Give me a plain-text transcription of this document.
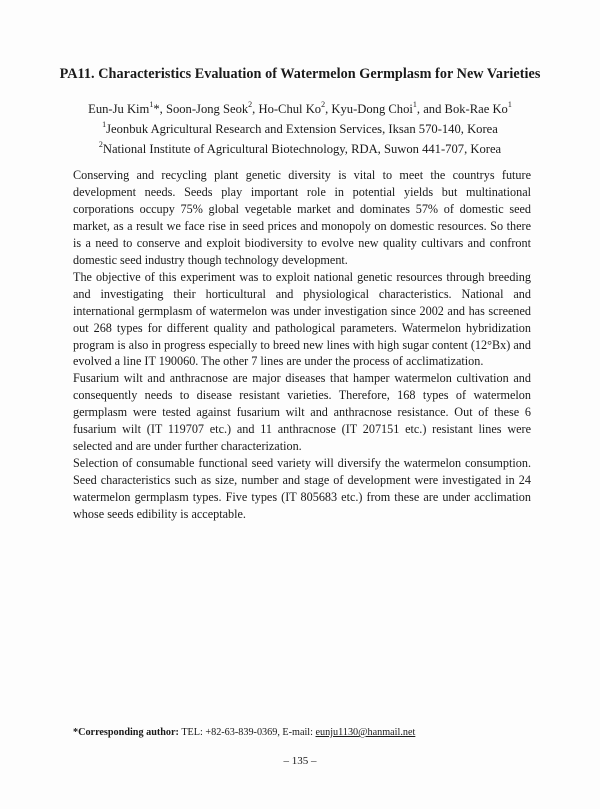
PA11. Characteristics Evaluation of Watermelon Germplasm for New Varieties
Eun-Ju Kim$^1$*, Soon-Jong Seok$^2$, Ho-Chul Ko$^2$, Kyu-Dong Choi$^1$, and Bok-Rae Ko$^1$
$^1$Jeonbuk Agricultural Research and Extension Services, Iksan 570-140, Korea
$^2$National Institute of Agricultural Biotechnology, RDA, Suwon 441-707, Korea

Conserving and recycling plant genetic diversity is vital to meet the countrys future development needs. Seeds play important role in potential yields but multinational corporations occupy 75% global vegetable market and dominates 57% of domestic seed market, as a result we face rise in seed prices and monopoly on domestic resources. So there is a need to conserve and exploit biodiversity to evolve new quality cultivars and confront domestic seed industry though technology development.

The objective of this experiment was to exploit national genetic resources through breeding and investigating their horticultural and physiological characteristics. National and international germplasm of watermelon was under investigation since 2002 and has screened out 268 types for different quality and pathological parameters. Watermelon hybridization program is also in progress especially to breed new lines with high sugar content (12°Bx) and evolved a line IT 190060. The other 7 lines are under the process of acclimatization.

Fusarium wilt and anthracnose are major diseases that hamper watermelon cultivation and consequently needs to disease resistant varieties. Therefore, 168 types of watermelon germplasm were tested against fusarium wilt and anthracnose resistance. Out of these 6 fusarium wilt (IT 119707 etc.) and 11 anthracnose (IT 207151 etc.) resistant lines were selected and are under further characterization.

Selection of consumable functional seed variety will diversify the watermelon consumption. Seed characteristics such as size, number and stage of development were investigated in 24 watermelon germplasm types. Five types (IT 805683 etc.) from these are under acclimation whose seeds edibility is acceptable.

*Corresponding author: TEL: +82-63-839-0369, E-mail: eunju1130@hanmail.net
– 135 –
